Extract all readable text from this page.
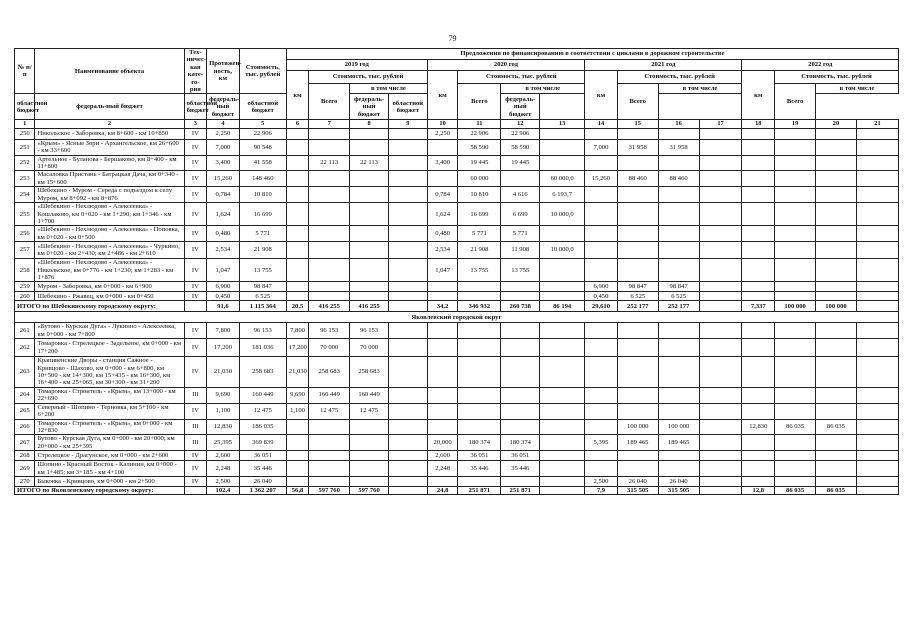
79
№ п/п	Наименование объекта	Тех-ничес-кая кате-го-рия	Протяжен-ность, км	Стоимость, тыс. рублей	Предложения по финансированию в соответствии с циклами в дорожном строительстве															
					2019 год				2020 год				2021 год				2022 год			
					км	Стоимость, тыс. рублей			км	Стоимость, тыс. рублей			км	Стоимость, тыс. рублей			км	Стоимость, тыс. рублей		
						Всего	в том числе			Всего	в том числе			Всего	в том числе			Всего	в том числе	
областной бюджет	федераль-ный бюджет	областной бюджет	федераль-ный бюджет	областной бюджет			федераль-ный бюджет	областной бюджет			федераль-ный бюджет									
1	2	3	4	5	6	7	8	9	10	11	12	13	14	15	16	17	18	19	20	21
250	Никольское - Заборовка, км 8+600 - км 10+850	IV	2,250	22 906					2,250	22 906	22 906									
251	«Крым» - Ясные Зори - Архангельское, км 26+600 - км 33+600	IV	7,000	90 548						58 590	58 590		7,000	31 958	31 958					
252	Артельное - Буланова - Бершаково, км 8+400 - км 11+800	IV	3,400	41 558		22 113	22 113		3,400	19 445	19 445									
253	Масаловка Пристань - Батрацкая Дача, км 0+340 - км 15+600	IV	15,260	148 460						60 000		60 000,0	15,260	88 460	88 460					
254	Шебекино - Муром - Середа с подъездом к селу Муром, км 8+092 - км 8+876	IV	0,784	10 810					0,784	10 810	4 616	6 193,7								
255	«Шебекино - Нехлюдово - Алексеевка» - Кошлаково, км 0+020 - км 1+290; км 1+346 - км 1+700	IV	1,624	16 699					1,624	16 699	6 699	10 000,0								
256	«Шебекино - Нехлюдово - Алексеевка» - Поповка, км 0+020 - км 0+500	IV	0,480	5 771					0,480	5 771	5 771									
257	«Шебекино - Нехлюдово - Алексеевка» - Чуркино, км 0+020 - км 2+430; км 2+486 - км 2+610	IV	2,534	21 908					2,534	21 908	11 908	10 000,0								
258	«Шебекино - Нехлюдово - Алексеевка» - Никольское, км 0+776 - км 1+230; км 1+283 - км 1+876	IV	1,047	13 755					1,047	13 755	13 755									
259	Муром - Заборовка, км 0+000 - км 6+900	IV	6,900	98 847									6,900	98 847	98 847					
260	Шебекино - Ржавец, км 0+000 - км 0+450	IV	0,450	6 525									0,450	6 525	6 525					
ИТОГО по Шебекинскому городскому округу:			91,6	1 115 364	20,5	416 255	416 255		34,2	346 932	260 738	86 194	29,610	252 177	252 177		7,337	100 000	100 000	
Яковлевский городской округ																				
261	«Бутово - Курская Дуга» - Лукинно - Алексеевка, км 0+000 - км 7+800	IV	7,800	96 153	7,800	96 153	96 153													
262	Томаровка - Стрелецкое - Задельное, км 0+000 - км 17+200	IV	17,200	181 036	17,200	70 000	70 000													
263	Крапивенские Дворы - станция Сажное - Кривцово - Шахово, км 0+000 - км 6+800, км 10+500 - км 14+300, км 15+435 - км 16+300, км 16+400 - км 25+065, км 30+300 - км 31+200	IV	21,030	258 683	21,030	258 683	258 683													
264	Томаровка - Строитель - «Крым», км 13+000 - км 22+690	III	9,690	160 449	9,690	160 449	160 449													
265	Северный - Шопино - Терновка, км 5+100 - км 6+200	IV	1,100	12 475	1,100	12 475	12 475													
266	Томаровка - Строитель - «Крым», км 0+000 - км 12+830	III	12,830	186 035										100 000	100 000		12,830	86 035	86 035	
267	Бутово - Курская Дуга, км 0+000 - км 20+000; км 20+000 - км 25+395	III	25,395	369 839					20,000	180 374	180 374		5,395	189 465	189 465					
268	Стрелецкое - Драгунское, км 0+000 - км 2+600	IV	2,600	36 051					2,600	36 051	36 051									
269	Шопино - Красный Восток - Калинин, км 0+000 - км 1+485; км 3+185 - км 4+100	IV	2,248	35 446					2,248	35 446	35 446									
270	Быковка - Кривцово, км 0+000 - км 2+500	IV	2,500	26 040									2,500	26 040	26 040					
ИТОГО по Яковлевскому городскому округу:			102,4	1 362 207	56,8	597 760	597 760		24,8	251 871	251 871		7,9	315 505	315 505		12,8	86 035	86 035	
